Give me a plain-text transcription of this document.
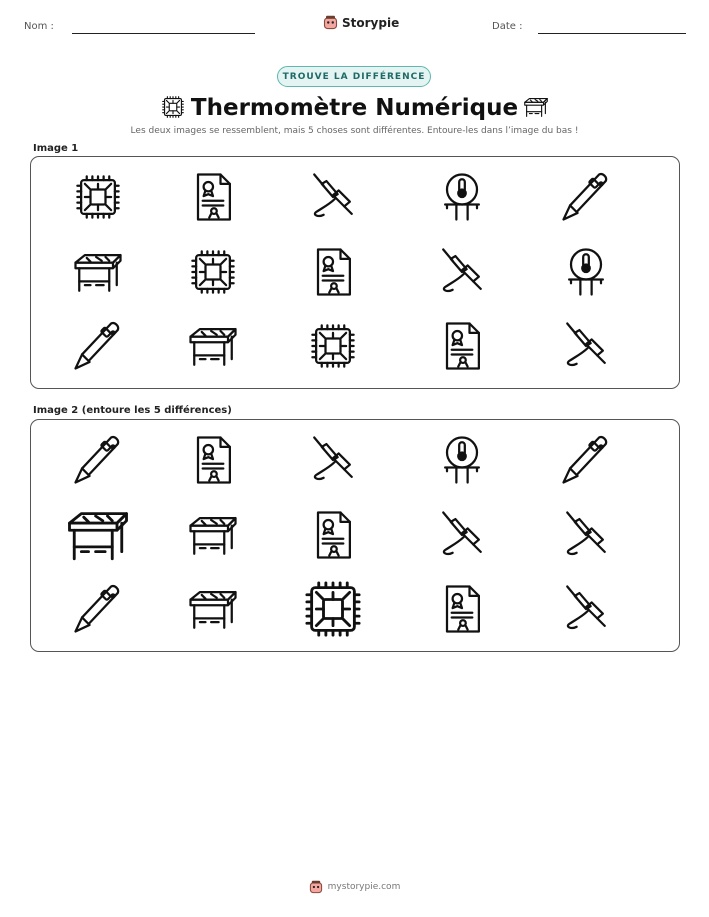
Nom :	Storypie	Date :
TROUVE LA DIFFÉRENCE
Thermomètre Numérique
Les deux images se ressemblent, mais 5 choses sont différentes. Entoure-les dans l’image du bas !
Image 1
Image 2 (entoure les 5 différences)
mystorypie.com
